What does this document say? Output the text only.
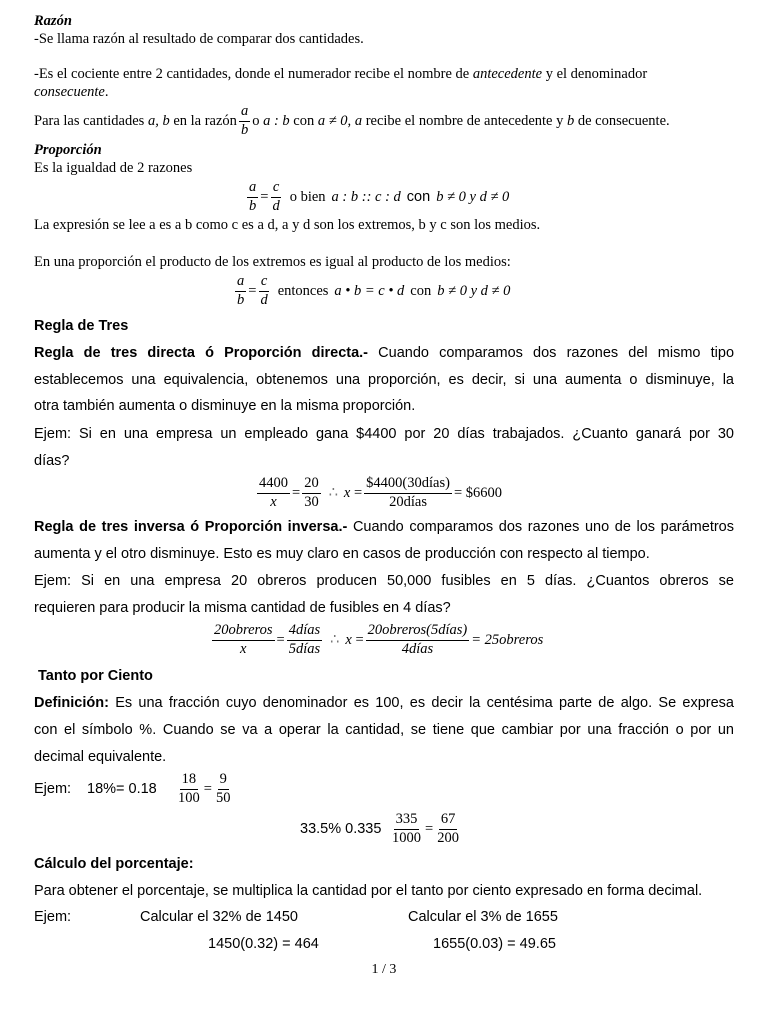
Razón
-Se llama razón al resultado de comparar dos cantidades.
-Es el cociente entre 2 cantidades, donde el numerador recibe el nombre de antecedente y el denominador
consecuente.
Para las cantidades
a, b
en la razón $\frac{a}{b}$ o
a : b
con
a ≠ 0,
a
recibe el nombre de antecedente y
b
de consecuente.
Proporción
Es la igualdad de 2 razones
$\frac{a}{b} = \frac{c}{d}$ o bien a : b :: c : d con b ≠ 0 y d ≠ 0
La expresión se lee a es a b como c es a d, a y d son los extremos, b y c son los medios.
En una proporción el producto de los extremos es igual al producto de los medios:
$\frac{a}{b} = \frac{c}{d}$ entonces a • b = c • d con b ≠ 0 y d ≠ 0
Regla de Tres
Regla de tres directa ó Proporción directa.- Cuando comparamos dos razones del mismo tipo
establecemos una equivalencia, obtenemos una proporción, es decir, si una aumenta o disminuye, la
otra también aumenta o disminuye en la misma proporción.
Ejem: Si en una empresa un empleado gana $4400 por 20 días trabajados. ¿Cuanto ganará por 30
días?
$\frac{4400}{x} = \frac{20}{30}$ ∴ x
= $\frac{\text{\$4400(30días)}}{\text{20días}}$ = $6600
Regla de tres inversa ó Proporción inversa.- Cuando comparamos dos razones uno de los parámetros
aumenta y el otro disminuye. Esto es muy claro en casos de producción con respecto al tiempo.
Ejem: Si en una empresa 20 obreros producen 50,000 fusibles en 5 días. ¿Cuantos obreros se
requieren para producir la misma cantidad de fusibles en 4 días?
$\frac{\text{20obreros}}{x} = \frac{\text{4días}}{\text{5días}}$ ∴ x
= $\frac{\text{20obreros(5días)}}{\text{4días}}$ = 25obreros
Tanto por Ciento
Definición: Es una fracción cuyo denominador es 100, es decir la centésima parte de algo. Se expresa
con el símbolo %. Cuando se va a operar la cantidad, se tiene que cambiar por una fracción o por un
decimal equivalente.
Ejem: $18\%= 0.18 \frac{18}{100} = \frac{9}{50}$
33.5% $0.335 \frac{335}{1000} = \frac{67}{200}$
Cálculo del porcentaje:
Para obtener el porcentaje, se multiplica la cantidad por el tanto por ciento expresado en forma decimal.
Ejem:	Calcular el 32% de 1450	Calcular el 3% de 1655
1450(0.32) = 464	1655(0.03) = 49.65
1 / 3
